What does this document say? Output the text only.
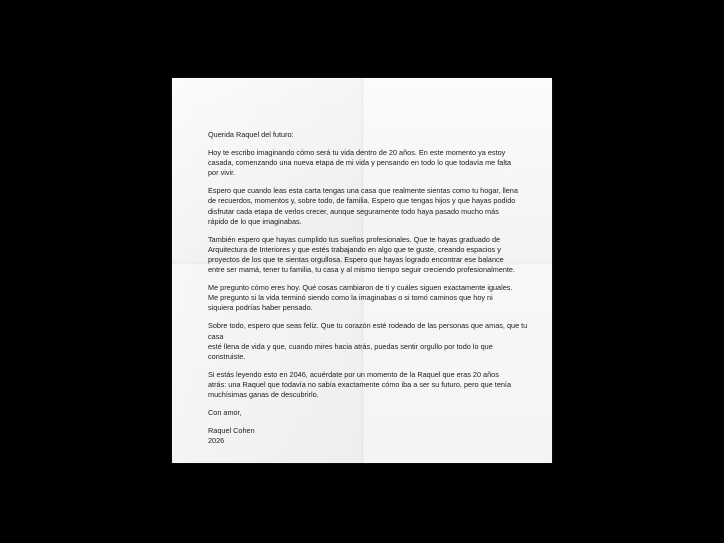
Querida Raquel del futuro:

Hoy te escribo imaginando cómo será tu vida dentro de 20 años. En este momento ya estoy
casada, comenzando una nueva etapa de mi vida y pensando en todo lo que todavía me falta
por vivir.

Espero que cuando leas esta carta tengas una casa que realmente sientas como tu hogar, llena
de recuerdos, momentos y, sobre todo, de familia. Espero que tengas hijos y que hayas podido
disfrutar cada etapa de verlos crecer, aunque seguramente todo haya pasado mucho más
rápido de lo que imaginabas.

También espero que hayas cumplido tus sueños profesionales. Que te hayas graduado de
Arquitectura de Interiores y que estés trabajando en algo que te guste, creando espacios y
proyectos de los que te sientas orgullosa. Espero que hayas logrado encontrar ese balance
entre ser mamá, tener tu familia, tu casa y al mismo tiempo seguir creciendo profesionalmente.

Me pregunto cómo eres hoy. Qué cosas cambiaron de ti y cuáles siguen exactamente iguales.
Me pregunto si la vida terminó siendo como la imaginabas o si tomó caminos que hoy ni
siquiera podrías haber pensado.

Sobre todo, espero que seas feliz. Que tu corazón esté rodeado de las personas que amas, que tu casa
esté llena de vida y que, cuando mires hacia atrás, puedas sentir orgullo por todo lo que
construiste.

Si estás leyendo esto en 2046, acuérdate por un momento de la Raquel que eras 20 años
atrás: una Raquel que todavía no sabía exactamente cómo iba a ser su futuro, pero que tenía
muchísimas ganas de descubrirlo.

Con amor,

Raquel Cohen

2026
